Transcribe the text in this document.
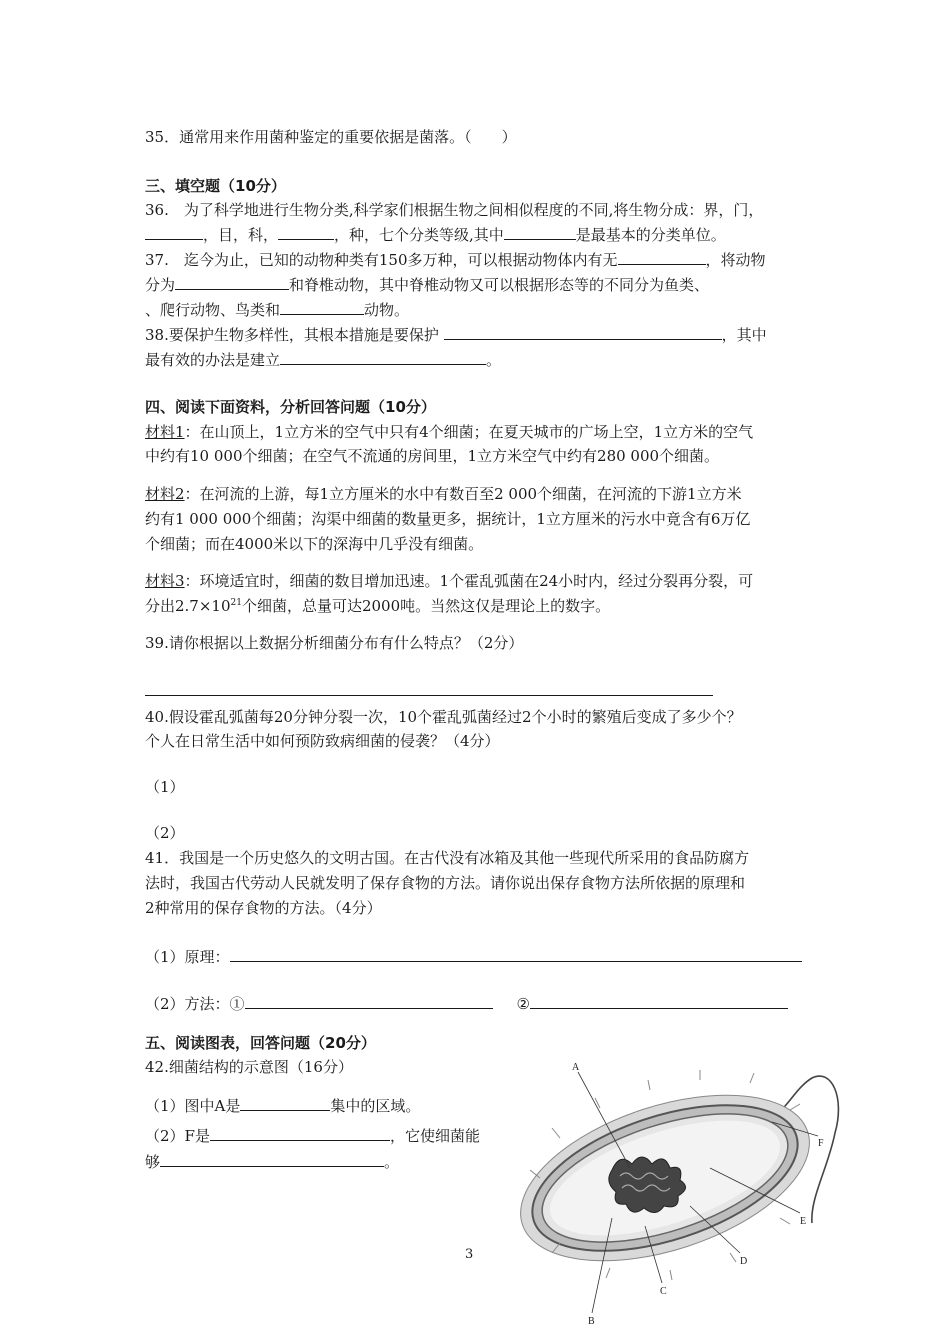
35．通常用来作用菌种鉴定的重要依据是菌落。（　　）
三、填空题（10分）
36.　为了科学地进行生物分类,科学家们根据生物之间相似程度的不同,将生物分成：界，门，
，目，科，	，种，七个分类等级,其中	是最基本的分类单位。
37.　迄今为止，已知的动物种类有150多万种，可以根据动物体内有无	，将动物
分为	和脊椎动物，其中脊椎动物又可以根据形态等的不同分为鱼类、
、爬行动物、鸟类和	动物。
38.要保护生物多样性，其根本措施是要保护	，其中
最有效的办法是建立	。
四、阅读下面资料，分析回答问题（10分）
材料1：在山顶上，1立方米的空气中只有4个细菌；在夏天城市的广场上空，1立方米的空气
中约有10 000个细菌；在空气不流通的房间里，1立方米空气中约有280 000个细菌。
材料2：在河流的上游，每1立方厘米的水中有数百至2 000个细菌，在河流的下游1立方米
约有1 000 000个细菌；沟渠中细菌的数量更多，据统计，1立方厘米的污水中竟含有6万亿
个细菌；而在4000米以下的深海中几乎没有细菌。
材料3：环境适宜时，细菌的数目增加迅速。1个霍乱弧菌在24小时内，经过分裂再分裂，可
分出$2.7\times 10^{21}$个细菌，总量可达2000吨。当然这仅是理论上的数字。
39.请你根据以上数据分析细菌分布有什么特点？（2分）
40.假设霍乱弧菌每20分钟分裂一次，10个霍乱弧菌经过2个小时的繁殖后变成了多少个？
个人在日常生活中如何预防致病细菌的侵袭？（4分）
（1）
（2）
41．我国是一个历史悠久的文明古国。在古代没有冰箱及其他一些现代所采用的食品防腐方
法时，我国古代劳动人民就发明了保存食物的方法。请你说出保存食物方法所依据的原理和
2种常用的保存食物的方法。（4分）
（1）原理：
（2）方法：①	②
五、阅读图表，回答问题（20分）
42.细菌结构的示意图（16分）
（1）图中A是	集中的区域。
（2）F是	，它使细菌能
够	。
A
B
C
D
E
F
3
